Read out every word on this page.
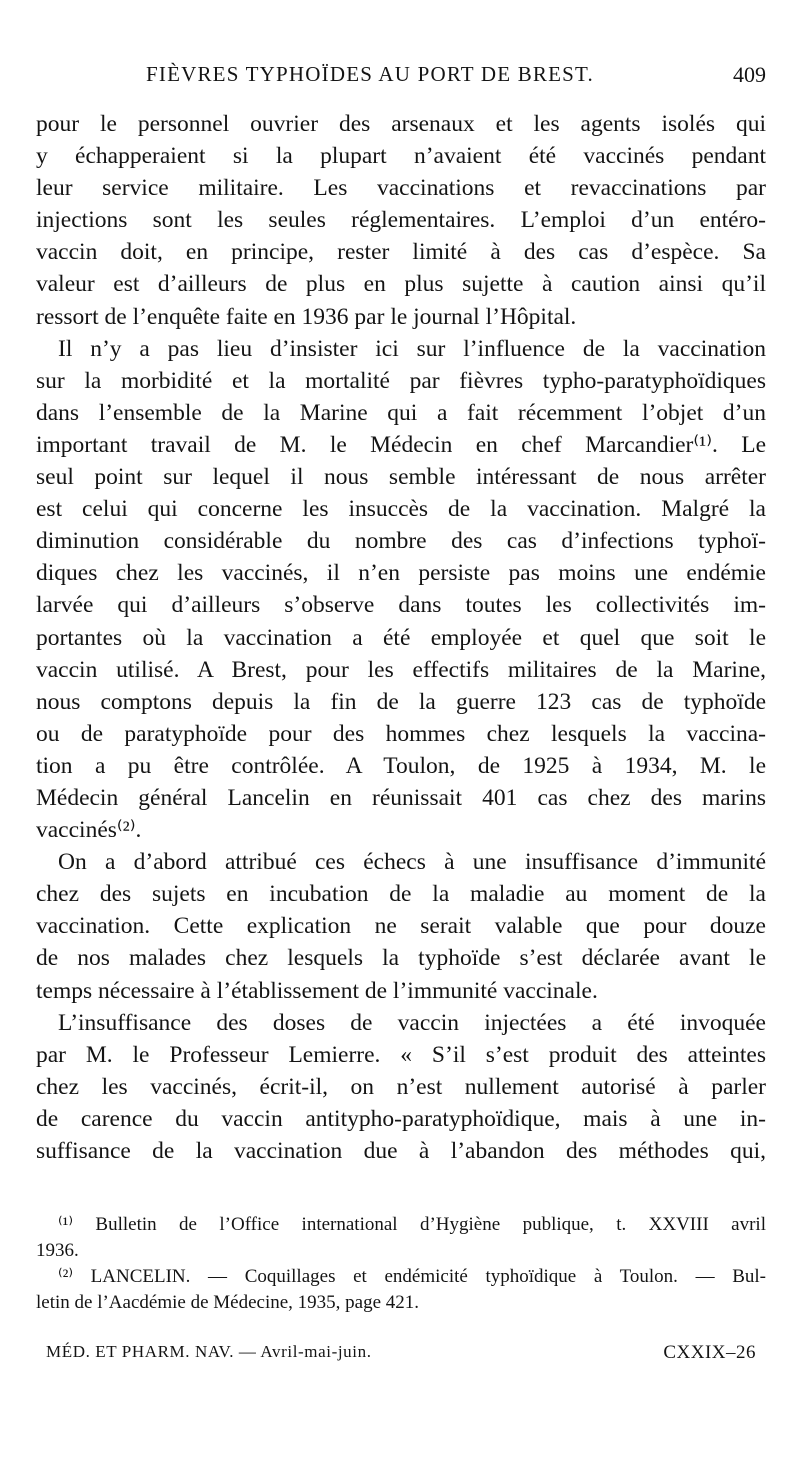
FIÈVRES TYPHOÏDES AU PORT DE BREST.	409
pour le personnel ouvrier des arsenaux et les agents isolés qui
y échapperaient si la plupart n’avaient été vaccinés pendant
leur service militaire. Les vaccinations et revaccinations par
injections sont les seules réglementaires. L’emploi d’un entéro-
vaccin doit, en principe, rester limité à des cas d’espèce. Sa
valeur est d’ailleurs de plus en plus sujette à caution ainsi qu’il
ressort de l’enquête faite en 1936 par le journal l’Hôpital.
Il n’y a pas lieu d’insister ici sur l’influence de la vaccination
sur la morbidité et la mortalité par fièvres typho-paratyphoïdiques
dans l’ensemble de la Marine qui a fait récemment l’objet d’un
important travail de M. le Médecin en chef Marcandier⁽¹⁾. Le
seul point sur lequel il nous semble intéressant de nous arrêter
est celui qui concerne les insuccès de la vaccination. Malgré la
diminution considérable du nombre des cas d’infections typhoï-
diques chez les vaccinés, il n’en persiste pas moins une endémie
larvée qui d’ailleurs s’observe dans toutes les collectivités im-
portantes où la vaccination a été employée et quel que soit le
vaccin utilisé. A Brest, pour les effectifs militaires de la Marine,
nous comptons depuis la fin de la guerre 123 cas de typhoïde
ou de paratyphoïde pour des hommes chez lesquels la vaccina-
tion a pu être contrôlée. A Toulon, de 1925 à 1934, M. le
Médecin général Lancelin en réunissait 401 cas chez des marins
vaccinés⁽²⁾.
On a d’abord attribué ces échecs à une insuffisance d’immunité
chez des sujets en incubation de la maladie au moment de la
vaccination. Cette explication ne serait valable que pour douze
de nos malades chez lesquels la typhoïde s’est déclarée avant le
temps nécessaire à l’établissement de l’immunité vaccinale.
L’insuffisance des doses de vaccin injectées a été invoquée
par M. le Professeur Lemierre. « S’il s’est produit des atteintes
chez les vaccinés, écrit-il, on n’est nullement autorisé à parler
de carence du vaccin antitypho-paratyphoïdique, mais à une in-
suffisance de la vaccination due à l’abandon des méthodes qui,
⁽¹⁾ Bulletin de l’Office international d’Hygiène publique, t. XXVIII avril
1936.
⁽²⁾ LANCELIN. — Coquillages et endémicité typhoïdique à Toulon. — Bul-
letin de l’Aacdémie de Médecine, 1935, page 421.
MÉD. ET PHARM. NAV. — Avril-mai-juin.	CXXIX–26
